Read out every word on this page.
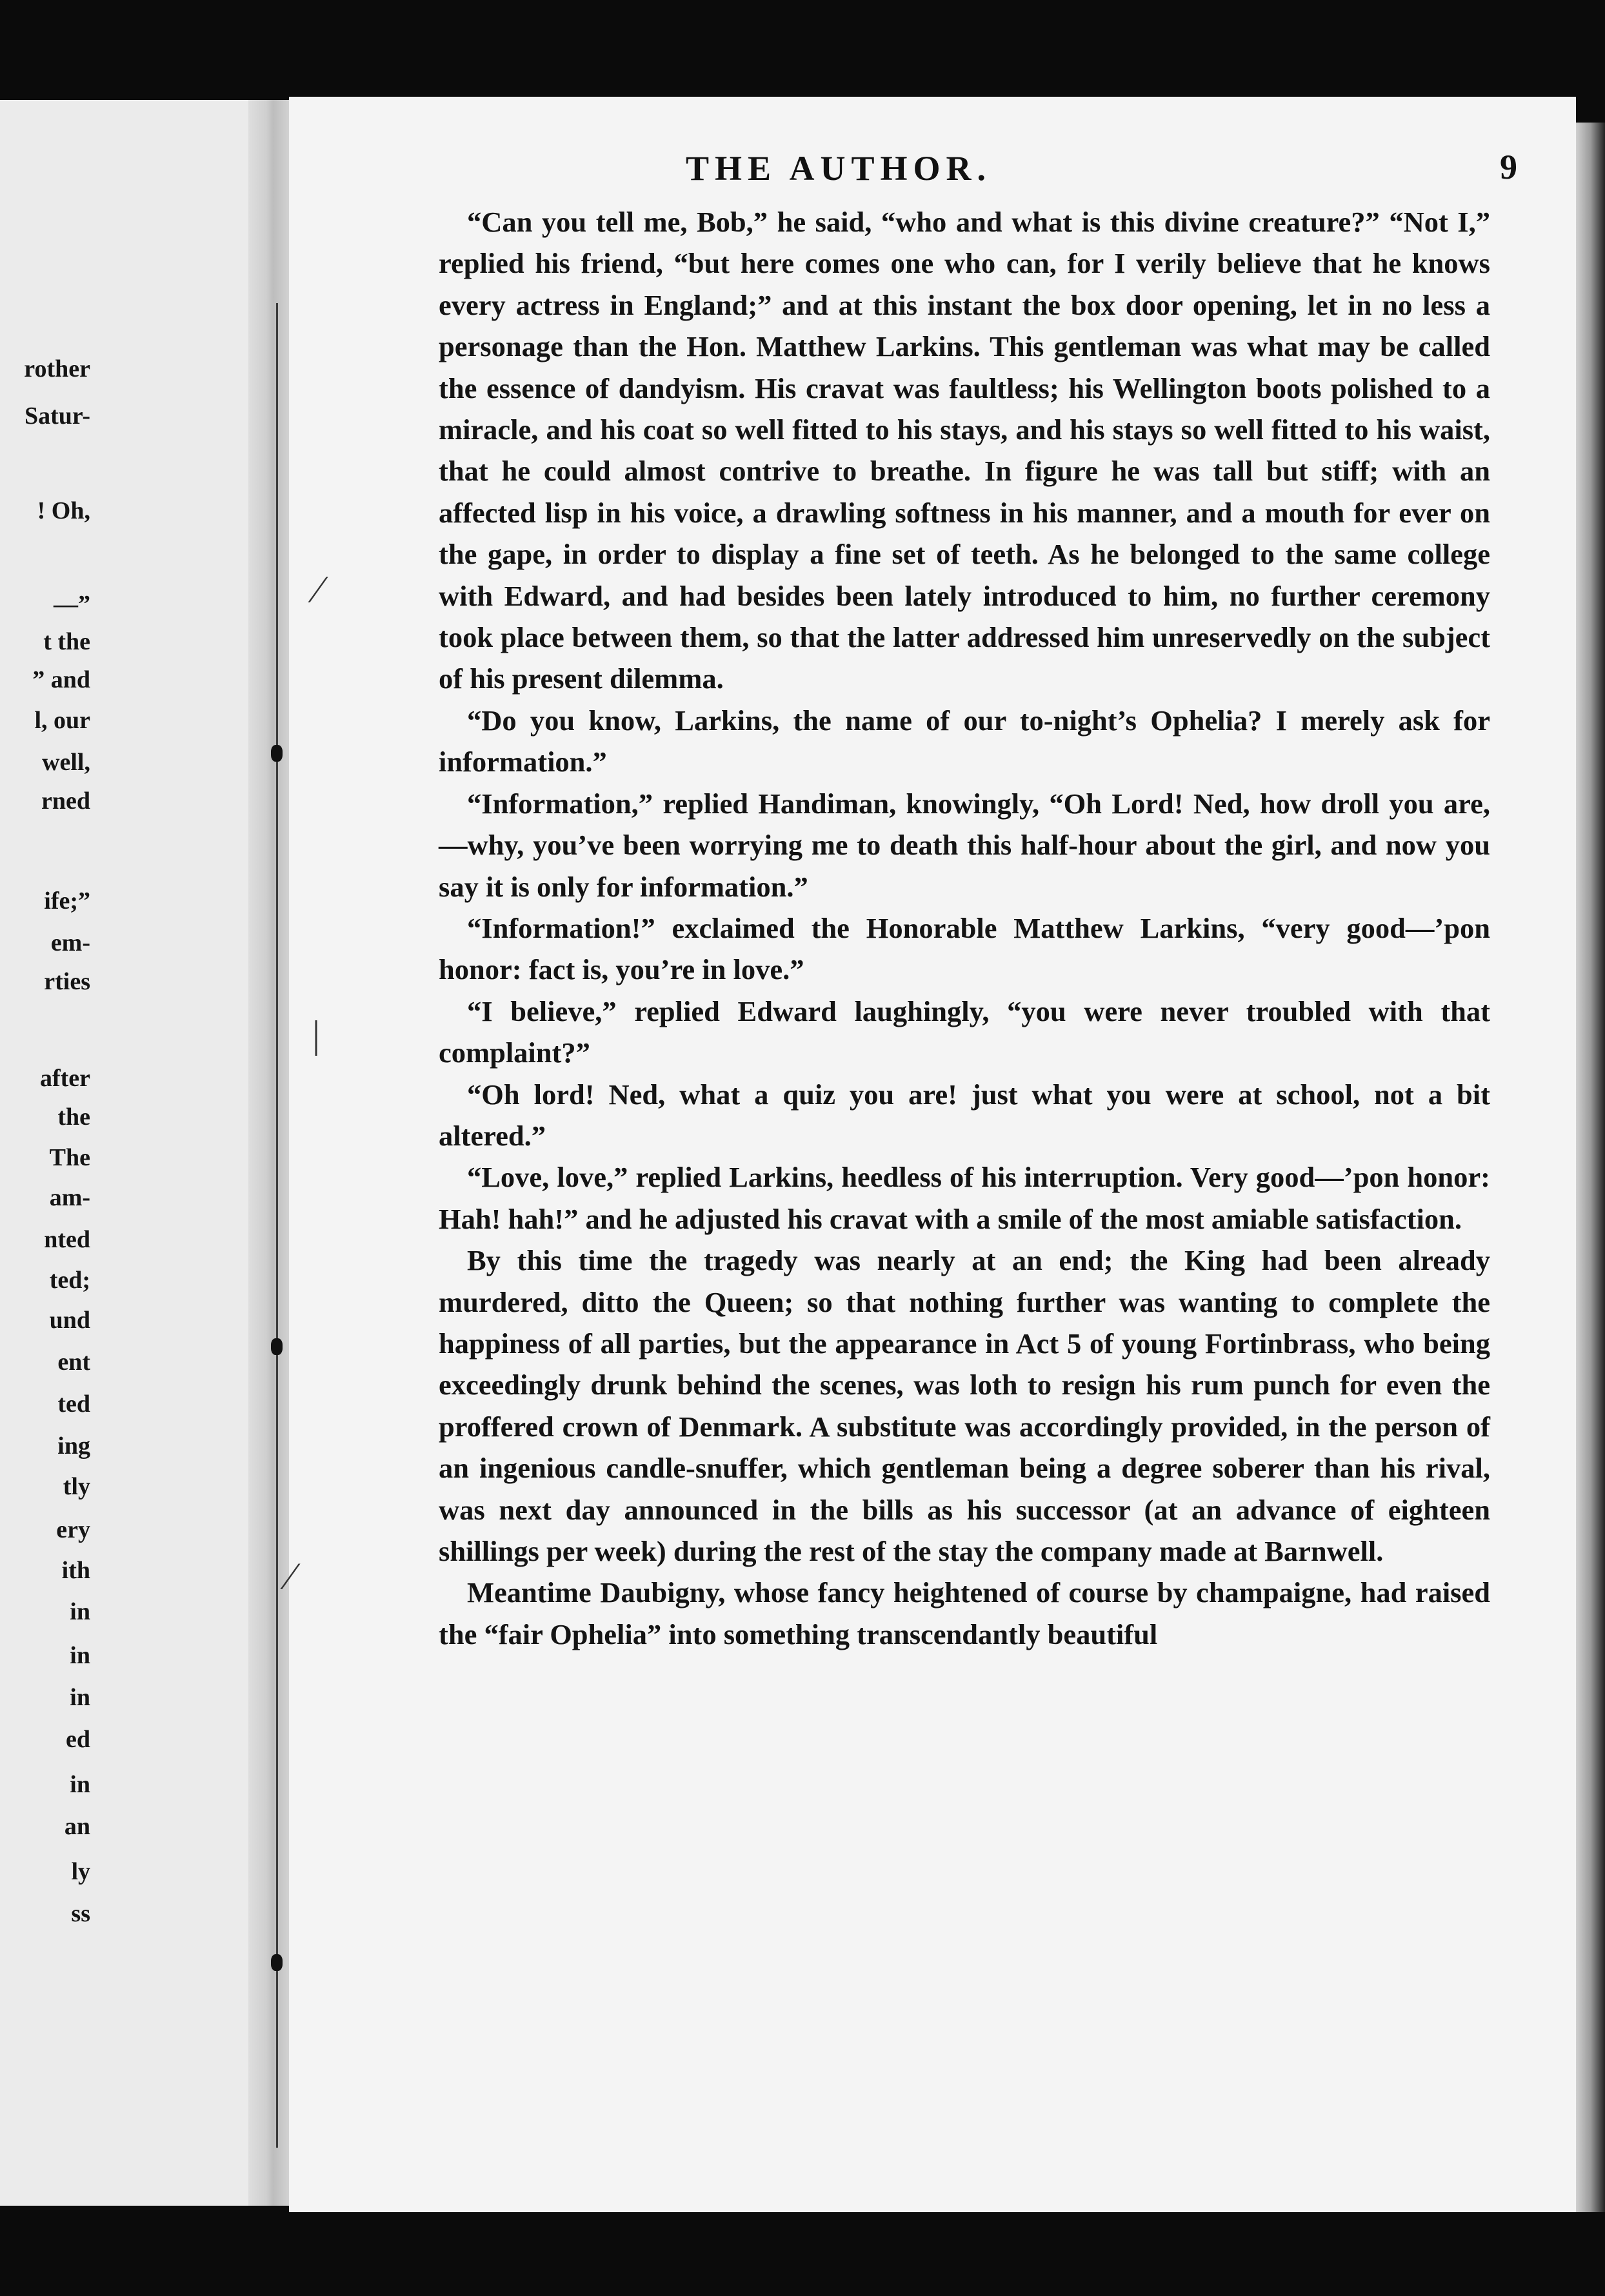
rother

Satur-

! Oh,

—”

t the

” and

l, our

well,

rned

ife;”

em-

rties

after

the

The

am-

nted

ted;

und

ent

ted

ing

tly

ery

ith

in

in

in

ed

in

an

ly

ss

⁄

|

⁄

THE AUTHOR.	9

“Can you tell me, Bob,” he said, “who and what is this divine creature?” “Not I,” replied his friend, “but here comes one who can, for I verily believe that he knows every actress in England;” and at this instant the box door opening, let in no less a personage than the Hon. Matthew Larkins. This gentleman was what may be called the essence of dandyism. His cravat was faultless; his Wellington boots polished to a miracle, and his coat so well fitted to his stays, and his stays so well fitted to his waist, that he could almost contrive to breathe. In figure he was tall but stiff; with an affected lisp in his voice, a drawling softness in his manner, and a mouth for ever on the gape, in order to display a fine set of teeth. As he belonged to the same college with Edward, and had besides been lately introduced to him, no further ceremony took place between them, so that the latter addressed him unreservedly on the subject of his present dilemma.

“Do you know, Larkins, the name of our to-night’s Ophelia? I merely ask for information.”

“Information,” replied Handiman, knowingly, “Oh Lord! Ned, how droll you are,—why, you’ve been worrying me to death this half-hour about the girl, and now you say it is only for information.”

“Information!” exclaimed the Honorable Matthew Larkins, “very good—’pon honor: fact is, you’re in love.”

“I believe,” replied Edward laughingly, “you were never troubled with that complaint?”

“Oh lord! Ned, what a quiz you are! just what you were at school, not a bit altered.”

“Love, love,” replied Larkins, heedless of his interruption. Very good—’pon honor: Hah! hah!” and he adjusted his cravat with a smile of the most amiable satisfaction.

By this time the tragedy was nearly at an end; the King had been already murdered, ditto the Queen; so that nothing further was wanting to complete the happiness of all parties, but the appearance in Act 5 of young Fortinbrass, who being exceedingly drunk behind the scenes, was loth to resign his rum punch for even the proffered crown of Denmark. A substitute was accordingly provided, in the person of an ingenious candle-snuffer, which gentleman being a degree soberer than his rival, was next day announced in the bills as his successor (at an advance of eighteen shillings per week) during the rest of the stay the company made at Barnwell.

Meantime Daubigny, whose fancy heightened of course by champaigne, had raised the “fair Ophelia” into something transcendantly beautiful
